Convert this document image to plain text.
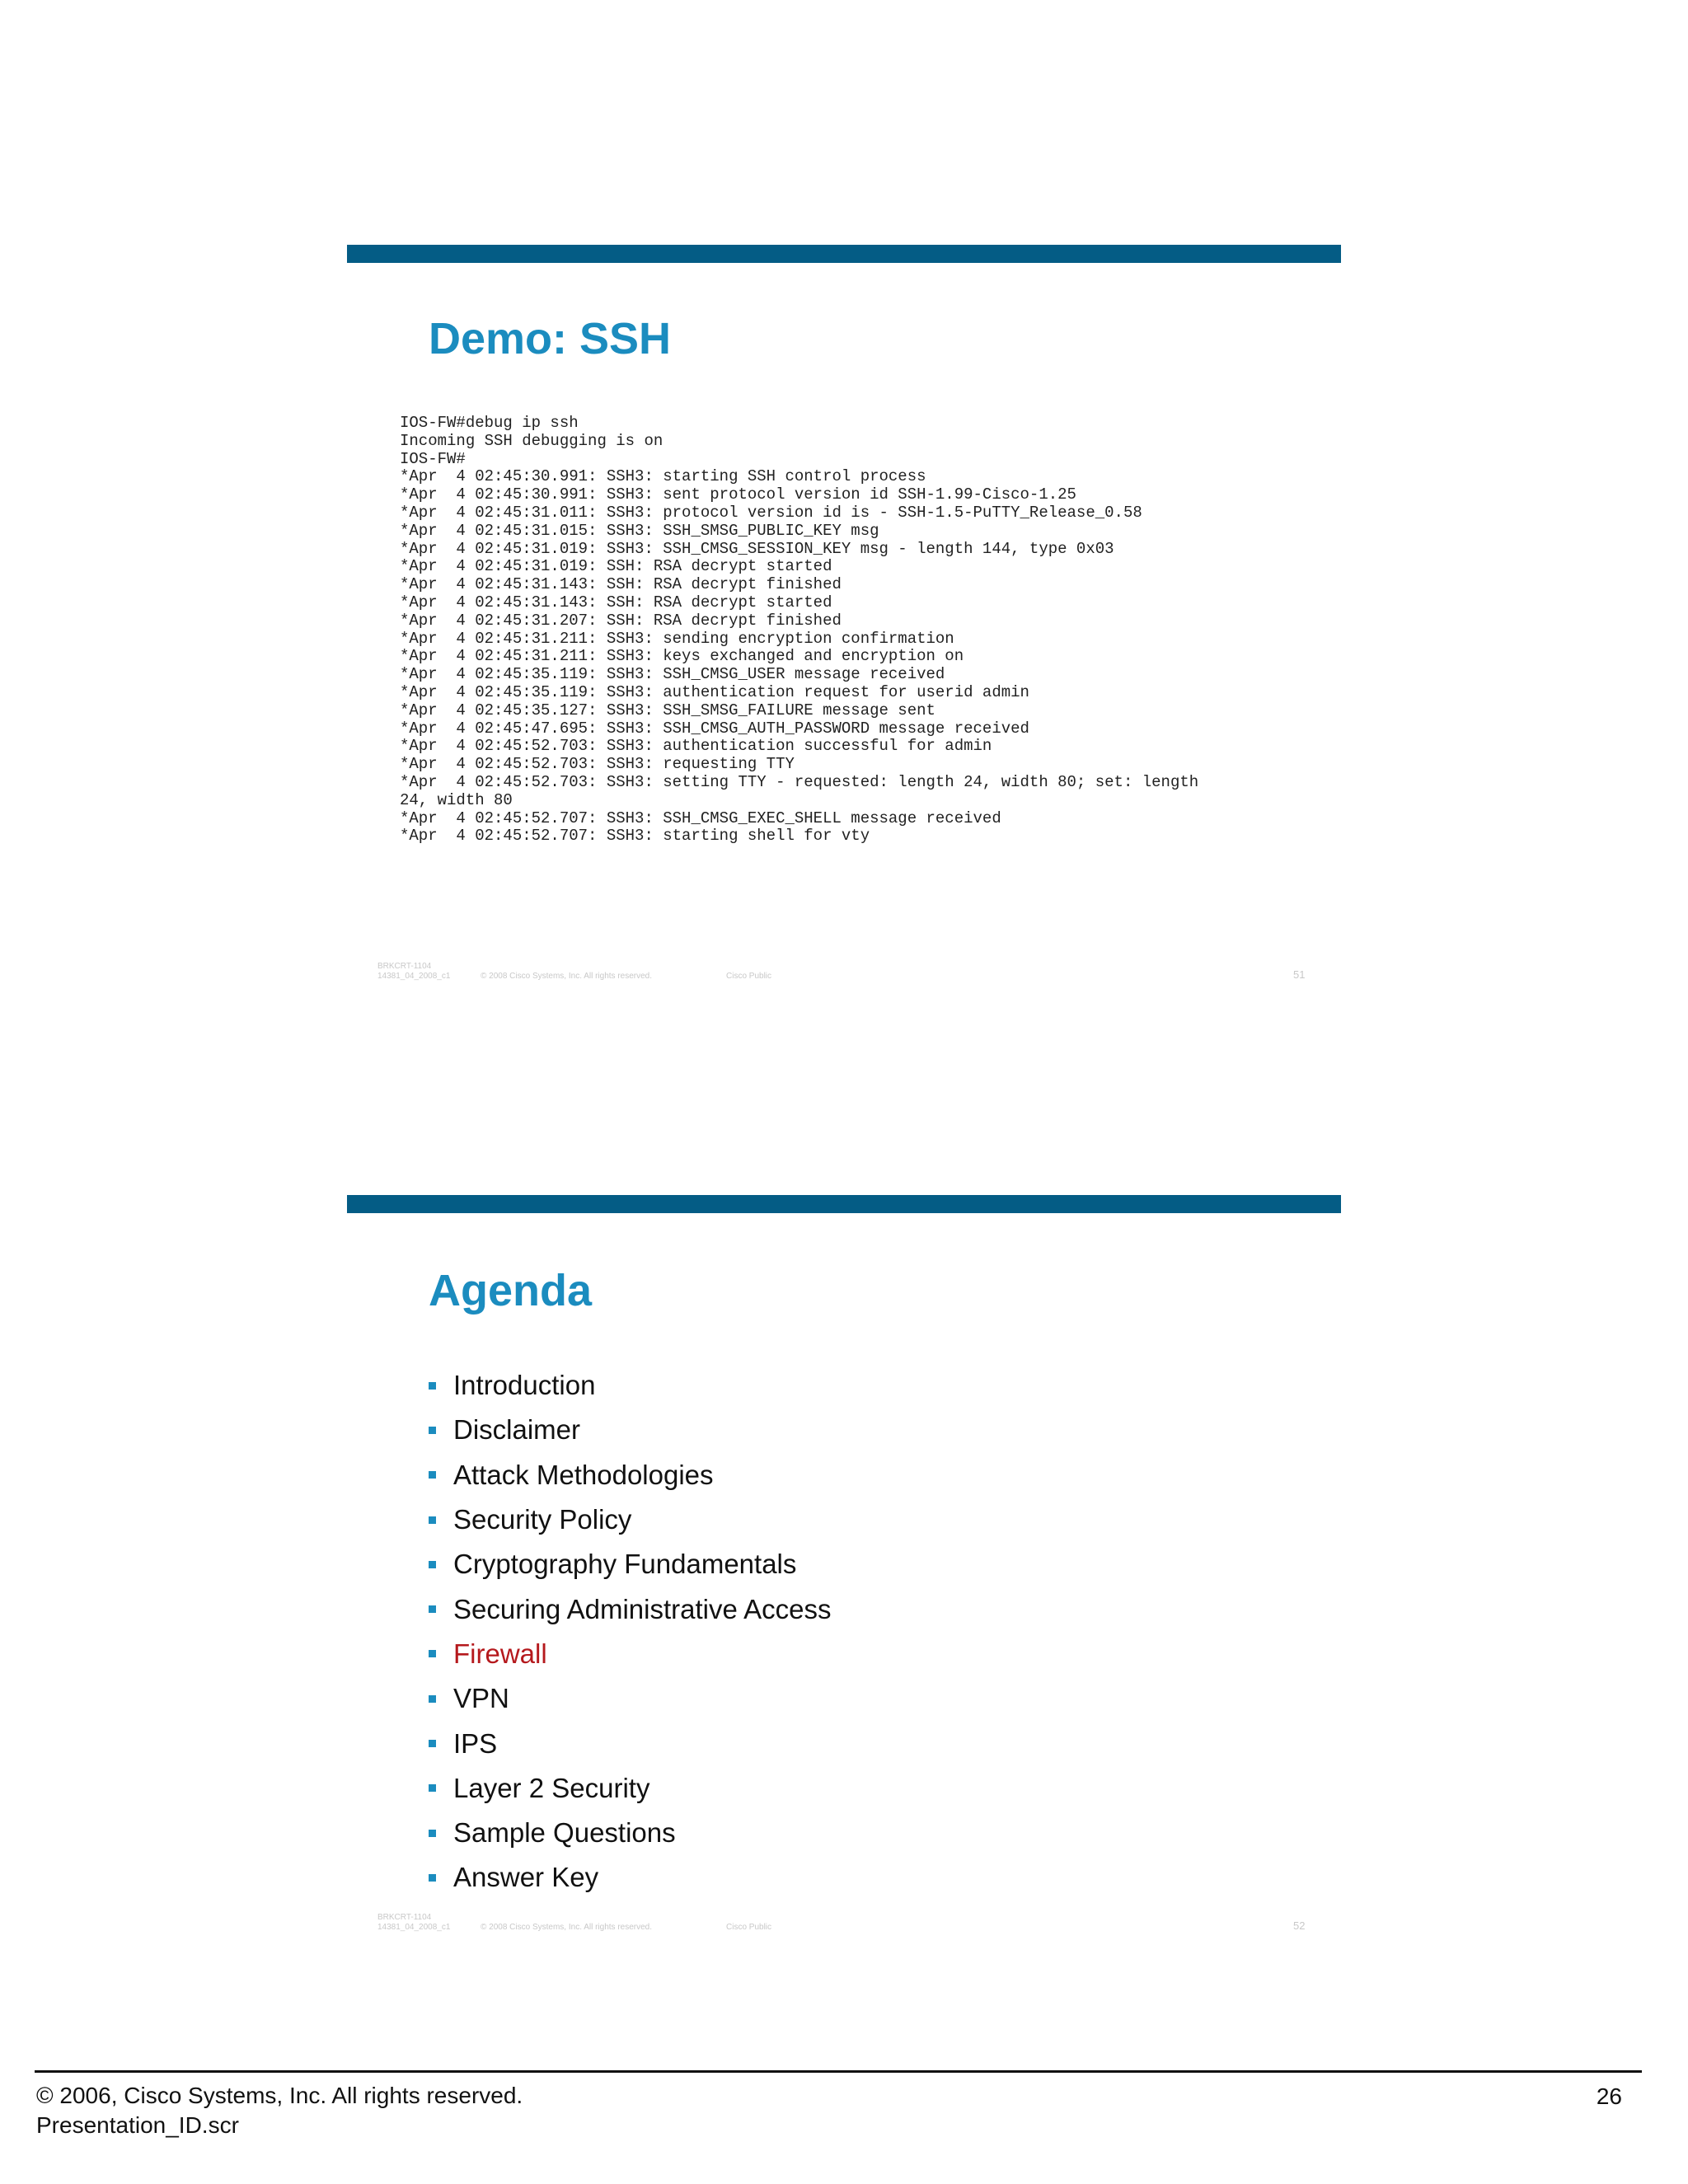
Demo: SSH
IOS-FW#debug ip ssh
Incoming SSH debugging is on
IOS-FW#
*Apr  4 02:45:30.991: SSH3: starting SSH control process
*Apr  4 02:45:30.991: SSH3: sent protocol version id SSH-1.99-Cisco-1.25
*Apr  4 02:45:31.011: SSH3: protocol version id is - SSH-1.5-PuTTY_Release_0.58
*Apr  4 02:45:31.015: SSH3: SSH_SMSG_PUBLIC_KEY msg
*Apr  4 02:45:31.019: SSH3: SSH_CMSG_SESSION_KEY msg - length 144, type 0x03
*Apr  4 02:45:31.019: SSH: RSA decrypt started
*Apr  4 02:45:31.143: SSH: RSA decrypt finished
*Apr  4 02:45:31.143: SSH: RSA decrypt started
*Apr  4 02:45:31.207: SSH: RSA decrypt finished
*Apr  4 02:45:31.211: SSH3: sending encryption confirmation
*Apr  4 02:45:31.211: SSH3: keys exchanged and encryption on
*Apr  4 02:45:35.119: SSH3: SSH_CMSG_USER message received
*Apr  4 02:45:35.119: SSH3: authentication request for userid admin
*Apr  4 02:45:35.127: SSH3: SSH_SMSG_FAILURE message sent
*Apr  4 02:45:47.695: SSH3: SSH_CMSG_AUTH_PASSWORD message received
*Apr  4 02:45:52.703: SSH3: authentication successful for admin
*Apr  4 02:45:52.703: SSH3: requesting TTY
*Apr  4 02:45:52.703: SSH3: setting TTY - requested: length 24, width 80; set: length
24, width 80
*Apr  4 02:45:52.707: SSH3: SSH_CMSG_EXEC_SHELL message received
*Apr  4 02:45:52.707: SSH3: starting shell for vty
BRKCRT-1104
14381_04_2008_c1	© 2008 Cisco Systems, Inc. All rights reserved.	Cisco Public	51
Agenda
Introduction
Disclaimer
Attack Methodologies
Security Policy
Cryptography Fundamentals
Securing Administrative Access
Firewall
VPN
IPS
Layer 2 Security
Sample Questions
Answer Key
BRKCRT-1104
14381_04_2008_c1	© 2008 Cisco Systems, Inc. All rights reserved.	Cisco Public	52
© 2006, Cisco Systems, Inc. All rights reserved.
Presentation_ID.scr
26
